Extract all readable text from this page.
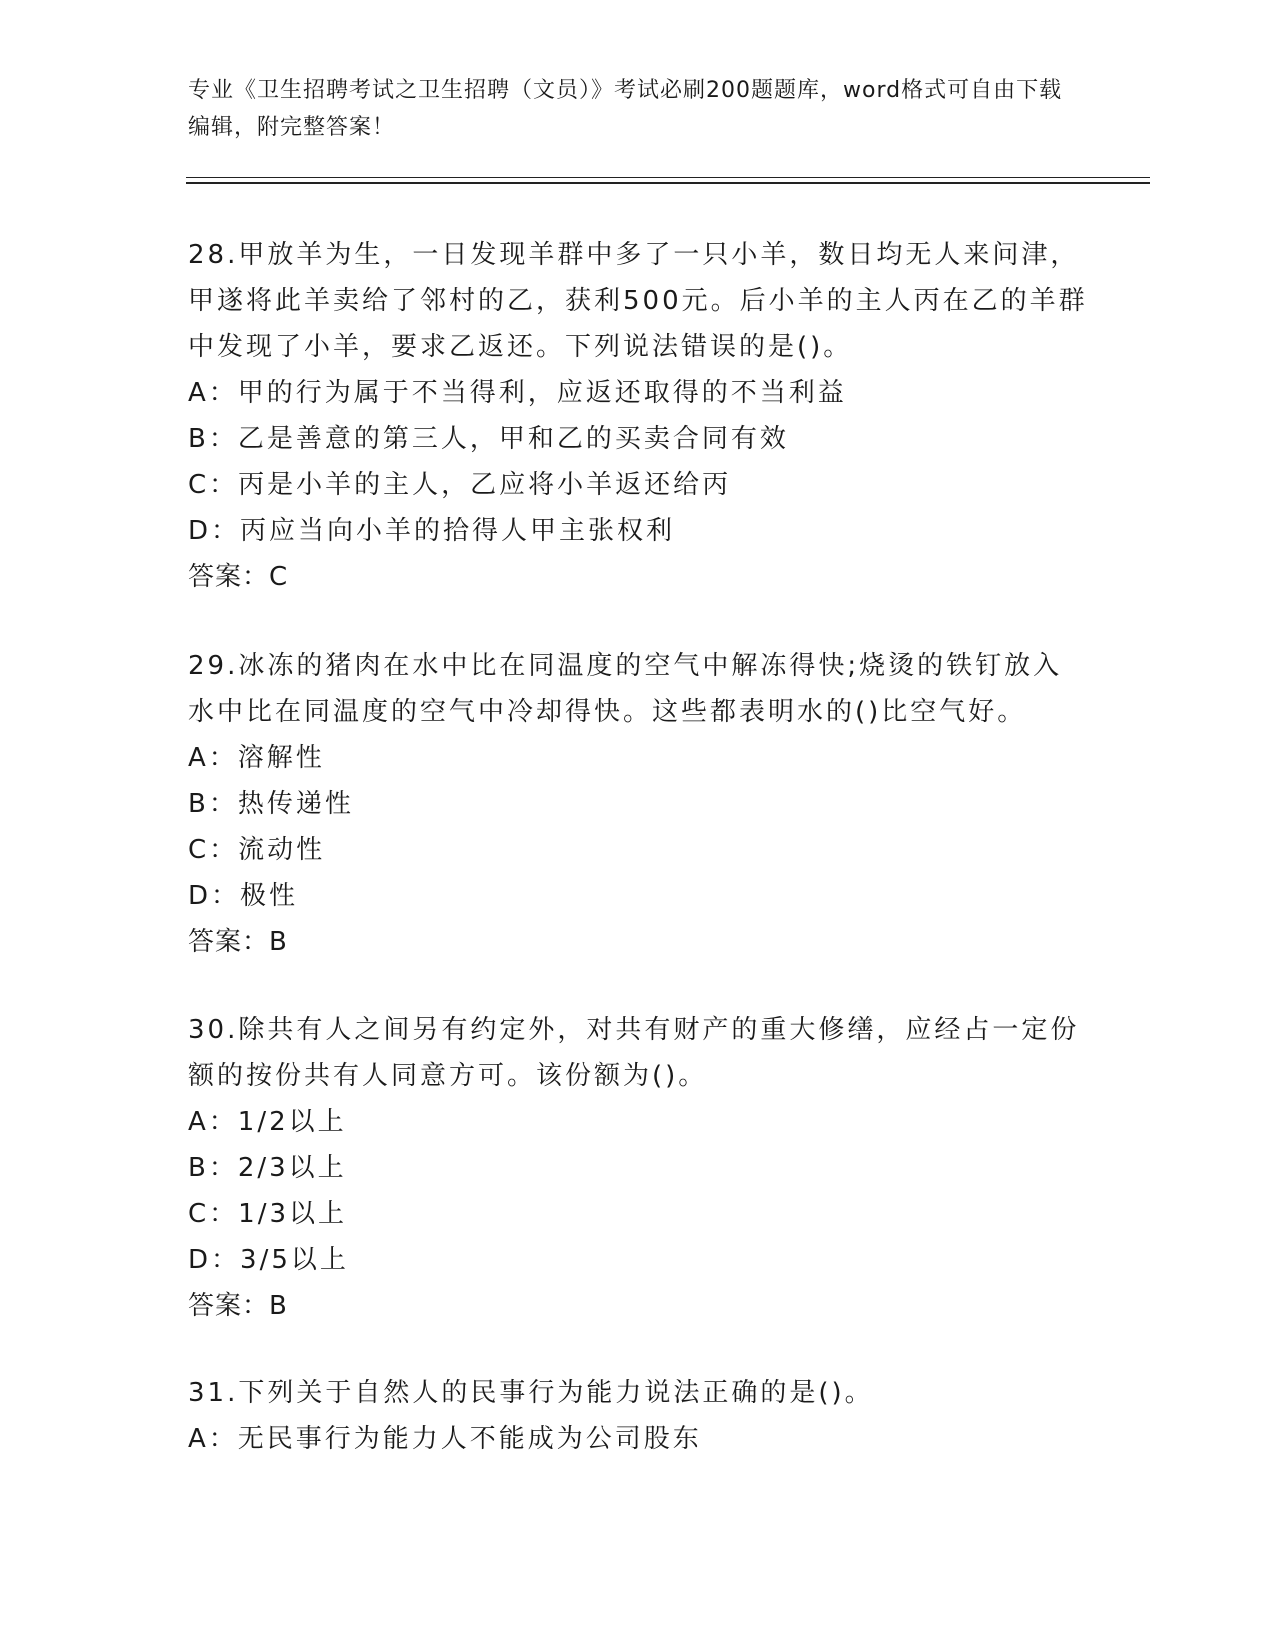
专业《卫生招聘考试之卫生招聘（文员）》考试必刷200题题库，word格式可自由下载编辑，附完整答案！

28.甲放羊为生，一日发现羊群中多了一只小羊，数日均无人来问津，甲遂将此羊卖给了邻村的乙，获利500元。后小羊的主人丙在乙的羊群中发现了小羊，要求乙返还。下列说法错误的是()。

A：甲的行为属于不当得利，应返还取得的不当利益

B：乙是善意的第三人，甲和乙的买卖合同有效

C：丙是小羊的主人，乙应将小羊返还给丙

D：丙应当向小羊的拾得人甲主张权利

答案：C

29.冰冻的猪肉在水中比在同温度的空气中解冻得快;烧烫的铁钉放入水中比在同温度的空气中冷却得快。这些都表明水的()比空气好。

A：溶解性

B：热传递性

C：流动性

D：极性

答案：B

30.除共有人之间另有约定外，对共有财产的重大修缮，应经占一定份额的按份共有人同意方可。该份额为()。

A：1/2以上

B：2/3以上

C：1/3以上

D：3/5以上

答案：B

31.下列关于自然人的民事行为能力说法正确的是()。

A：无民事行为能力人不能成为公司股东
